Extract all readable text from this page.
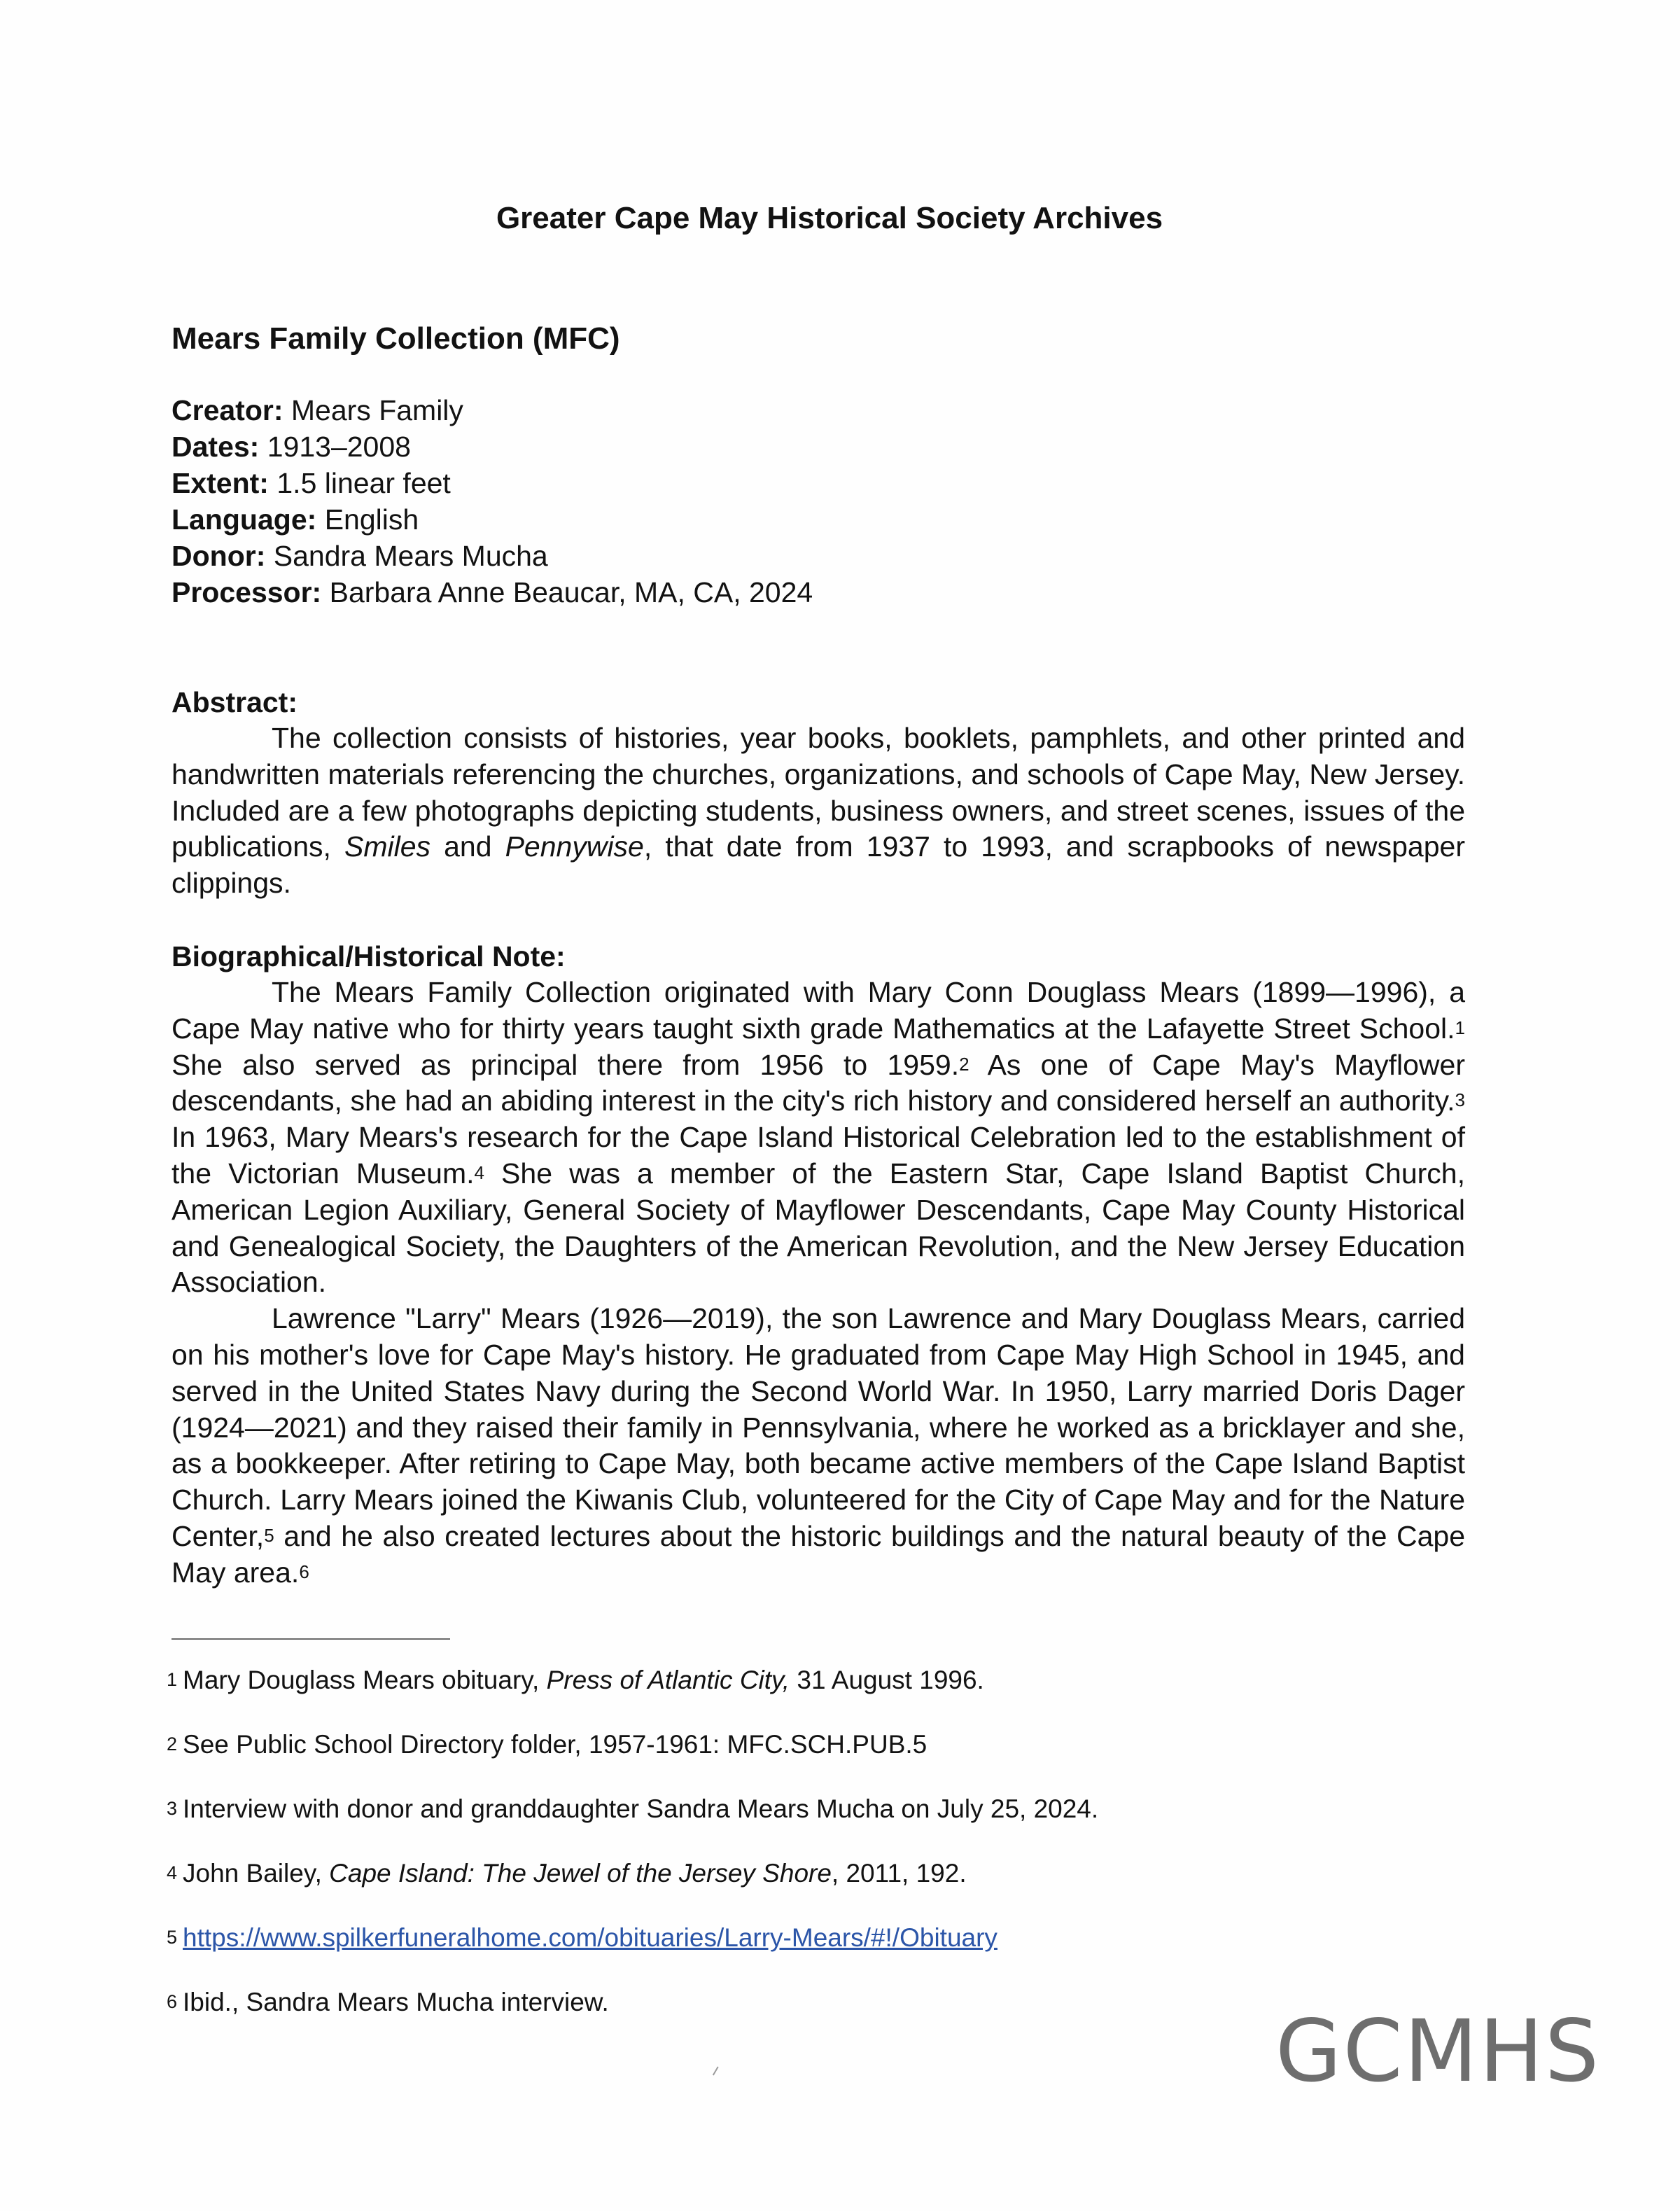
Greater Cape May Historical Society Archives
Mears Family Collection (MFC)
Creator: Mears Family
Dates: 1913–2008
Extent: 1.5 linear feet
Language: English
Donor: Sandra Mears Mucha
Processor: Barbara Anne Beaucar, MA, CA, 2024
Abstract:

The collection consists of histories, year books, booklets, pamphlets, and other printed and handwritten materials referencing the churches, organizations, and schools of Cape May, New Jersey. Included are a few photographs depicting students, business owners, and street scenes, issues of the publications, Smiles and Pennywise, that date from 1937 to 1993, and scrapbooks of newspaper clippings.

Biographical/Historical Note:

The Mears Family Collection originated with Mary Conn Douglass Mears (1899—1996), a Cape May native who for thirty years taught sixth grade Mathematics at the Lafayette Street School.$^1$ She also served as principal there from 1956 to 1959.$^2$ As one of Cape May's Mayflower descendants, she had an abiding interest in the city's rich history and considered herself an authority.$^3$ In 1963, Mary Mears's research for the Cape Island Historical Celebration led to the establishment of the Victorian Museum.$^4$ She was a member of the Eastern Star, Cape Island Baptist Church, American Legion Auxiliary, General Society of Mayflower Descendants, Cape May County Historical and Genealogical Society, the Daughters of the American Revolution, and the New Jersey Education Association.

Lawrence "Larry" Mears (1926—2019), the son Lawrence and Mary Douglass Mears, carried on his mother's love for Cape May's history. He graduated from Cape May High School in 1945, and served in the United States Navy during the Second World War. In 1950, Larry married Doris Dager (1924—2021) and they raised their family in Pennsylvania, where he worked as a bricklayer and she, as a bookkeeper. After retiring to Cape May, both became active members of the Cape Island Baptist Church. Larry Mears joined the Kiwanis Club, volunteered for the City of Cape May and for the Nature Center,$^5$ and he also created lectures about the historic buildings and the natural beauty of the Cape May area.$^6$

1 Mary Douglass Mears obituary, Press of Atlantic City, 31 August 1996.
2 See Public School Directory folder, 1957-1961: MFC.SCH.PUB.5
3 Interview with donor and granddaughter Sandra Mears Mucha on July 25, 2024.
4 John Bailey, Cape Island: The Jewel of the Jersey Shore, 2011, 192.
5 https://www.spilkerfuneralhome.com/obituaries/Larry-Mears/#!/Obituary
6 Ibid., Sandra Mears Mucha interview.	GCMHS
